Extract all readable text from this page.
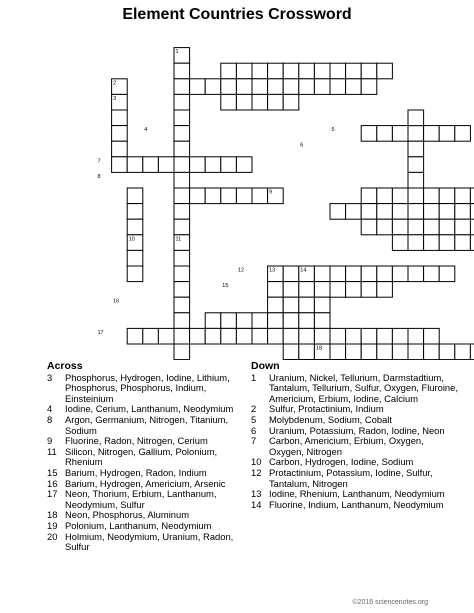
Element Countries Crossword
1
2
3
4	5
6
7
8
9
10	11
12	13	14
15
16
17
18
Across
3	Phosphorus, Hydrogen, Iodine, Lithium, Phosphorus, Phosphorus, Indium, Einsteinium
4	Iodine, Cerium, Lanthanum, Neodymium
8	Argon, Germanium, Nitrogen, Titanium, Sodium
9	Fluorine, Radon, Nitrogen, Cerium
11 Silicon, Nitrogen, Gallium, Polonium, Rhenium
15 Barium, Hydrogen, Radon, Indium
16 Barium, Hydrogen, Americium, Arsenic
17 Neon, Thorium, Erbium, Lanthanum, Neodymium, Sulfur
18 Neon, Phosphorus, Aluminum
19 Polonium, Lanthanum, Neodymium
20 Holmium, Neodymium, Uranium, Radon, Sulfur
Down
1	Uranium, Nickel, Tellurium, Darmstadtium, Tantalum, Tellurium, Sulfur, Oxygen, Fluroine, Americium, Erbium, Iodine, Calcium
2	Sulfur, Protactinium, Indium
5	Molybdenum, Sodium, Cobalt
6	Uranium, Potassium, Radon, Iodine, Neon
7	Carbon, Americium, Erbium, Oxygen, Oxygen, Nitrogen
10 Carbon, Hydrogen, Iodine, Sodium
12 Protactinium, Potassium, Iodine, Sulfur, Tantalum, Nitrogen
13 Iodine, Rhenium, Lanthanum, Neodymium
14 Fluorine, Indium, Lanthanum, Neodymium
©2016 sciencenotes.org
